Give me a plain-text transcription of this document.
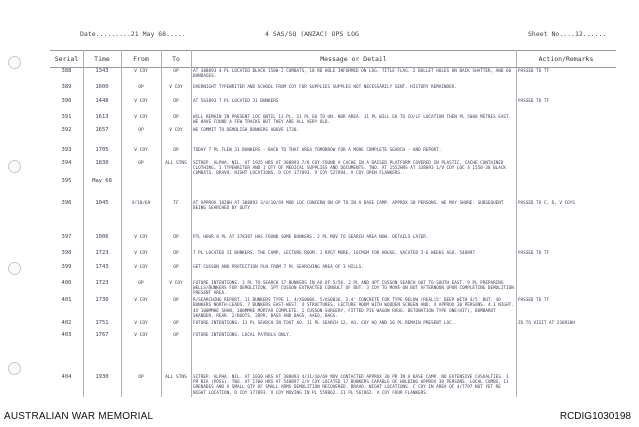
Date.........21 May 68.....	4 SAS/SQ (ANZAC) OPS LOG	Sheet No....12......
Serial	Time	From	To	Message or Detail	Action/Remarks
388	1343	V COY	OP	AT 388893 4 PL LOCATED BLACK 1500-2 COMBATS, 10 RD HOLE INFORMED ON LOG. TITLE FLAG. 2 BULLET HOLES ON BACK SHATTER, AND 60 BANDAGES.	PASSED TO TF
389	1600	OP	V COY	OVERNIGHT TYPEWRITER AND SCHOOL FROM COY FOR SUPPLIES SUPPLES NOT NECESSARILY SENT. HISTORY REMAINDER.	
390	1448	V COY	OP	AT 563893 7 PL LOCATED 31 BUNKERS	PASSED TO TF
391	1613	V COY	OP	WILL REMAIN IN PRESENT LOC UNTIL 13 PL. 11 PL GO TO UN. NOR AREA. 11 PL WILL GO TO CO/LF LOCATION THEN PL 5000 METRES EAST. WE HAVE FOUND A FEW TRACKS BUT THEY ARE ALL VERY OLD.	
392	1657	OP	V COY	WE COMMIT TO DEMOLISH BUNKERS ABOVE 1730.	
393	1705	V COY	OP	TODAY 7 PL FLEW 31 BUNKERS - BACK TO THAT AREA TOMORROW FOR A MORE COMPLETE SEARCH - AND REPORT.	
394	1830	OP	ALL STNS	SITREP. ALPHA. NIL. AT 1925 HRS AT 388893 7/8 COY FOUND A CACHE IN A RAISED PLATFORM COVERED IN PLASTIC. CACHE CONTAINED CLOTHING, 1 TYPEWRITER AND 1 QTY OF MEDICAL SUPPLIES AND DOCUMENTS. TWO. AT 1552HRS AT 338893 1/V COY LOC 4 1550-30 BLACK COMBATS. BRAVO. NIGHT LOCATIONS. D COY 377893. V COY 527894. V COY OPEN FLANKERS.	
395	May 68				
396	1045	4/10/69	TF	AT APPROX 1020H AT 388893 3/4/10/69 MOB LOC CONCERN ON OP TO IN A BASE CAMP. APPROX 30 PERSONS. WE MAY SHORE. SUBSEQUENT BEING SEARCHED BY QUTY	PASSED TO C, D, V COYS
397	1006	V COY	OP	PTL HOUR 8 PL AT 378387 HAS FOUND SOME BUNKERS. 2 PL MOV TO SEARCH AREA NOW. DETAILS LATER.	
398	1723	V COY	OP	7 PL LOCATED 11 BUNKERS, THE CAMP, LECTURE ROOM. 1 RPGT MORE, 16CMGM FOR HOUSE, VACATED 3-6 WEEKS AGO. 548897	PASSED TO TF
399	1743	V COY	OP	GET CUSSON AND PROTECTION PLN FROM 7 PL SEARCHING AREA OF 3 HILLS.	
400	1723	OP	V COY	FUTURE INTENTIONS. 3 PL TO SEARCH 17 BUNKERS IN AO OF 5/56. 2 PL AND 4PT CUSSON SEARCH OUT TO SOUTH EAST. 9 PL PREPARING WELLS/BUNKERS FOR DEMOLITION. 1PT CUSSON EXTRACTED CONSULT OF BUT. 3 COY TO MOVE ON BUT AFTERNOON UPON COMPLETING DEMOLITION PRESENT AREA.	
401	1730	V COY	OP	R/SEARCHING REPORT. 11 BUNKERS TYPE 1. 4/XS0006. 5/AS0036. 3.4' CONCRETE FOR TYPE BELOW (REAL)5' DEEP WITH 4/5' BUT. 40 BUNKERS NORTH-LEADS. 7 BUNKERS EAST-WEST. 4 STRUCTURES, LECTURE ROOM WITH WOODEN SCREEN AND. 4 APPROX 30 PERSONS. 4.1 NIGHT. 4X 100MMHE SHAN, 100MMHE MORTAR COMPLETE. 1 CUSSON SURGERY, FITTED PIE WAGON RAUG. DETONATION TYPE ONE(HIT), BOMBARDT SKANDER, REAR. 2/BOOTS, 28PR, BAGS AND BAGS. AAEO, BAGS.	PASSED TO TF
402	1751	V COY	OP	FUTURE INTENTIONS. 11 PL SEARCH IN TOUT AO. 11 PL SEARCH 12, AO. COY HQ AND 10 PL REMAIN PRESENT LOC.	ZO TO VISIT AT 230930H
403	1767	V COY	OP	FUTURE INTENTIONS. LOCAL PATROLS ONLY.	
404	1930	OP	ALL STNS	SITREP. ALPHA. NIL. AT 1030 HRS AT 388893 4/11/10/69 MOV CONTACTED APPROX 30 PR IN A BASE CAMP. NO EXTENSIVE CASUALTIES. 1 PR BIA (POSS). TWO. AT 1700 HRS AT 548897 1/V COY LOCATED 17 BUNKERS CAPABLE OF HOLDING APPROX 30 PERSONS. LOCAL COMBS, 11 GRENADES AND A SMALL QTY OF SMALL ARMS DEMOLITION RECOVERED. BRAVO. NIGHT LOCATIONS. C COY IN AREA OF 4/7797 NOT YET RE NIGHT LOCATION. D COY 377893. V COY MOVING IN PL 559862. 11 PL 567862. V COY FOUR FLANKERS.	
AUSTRALIAN WAR MEMORIAL	RCDIG1030198
